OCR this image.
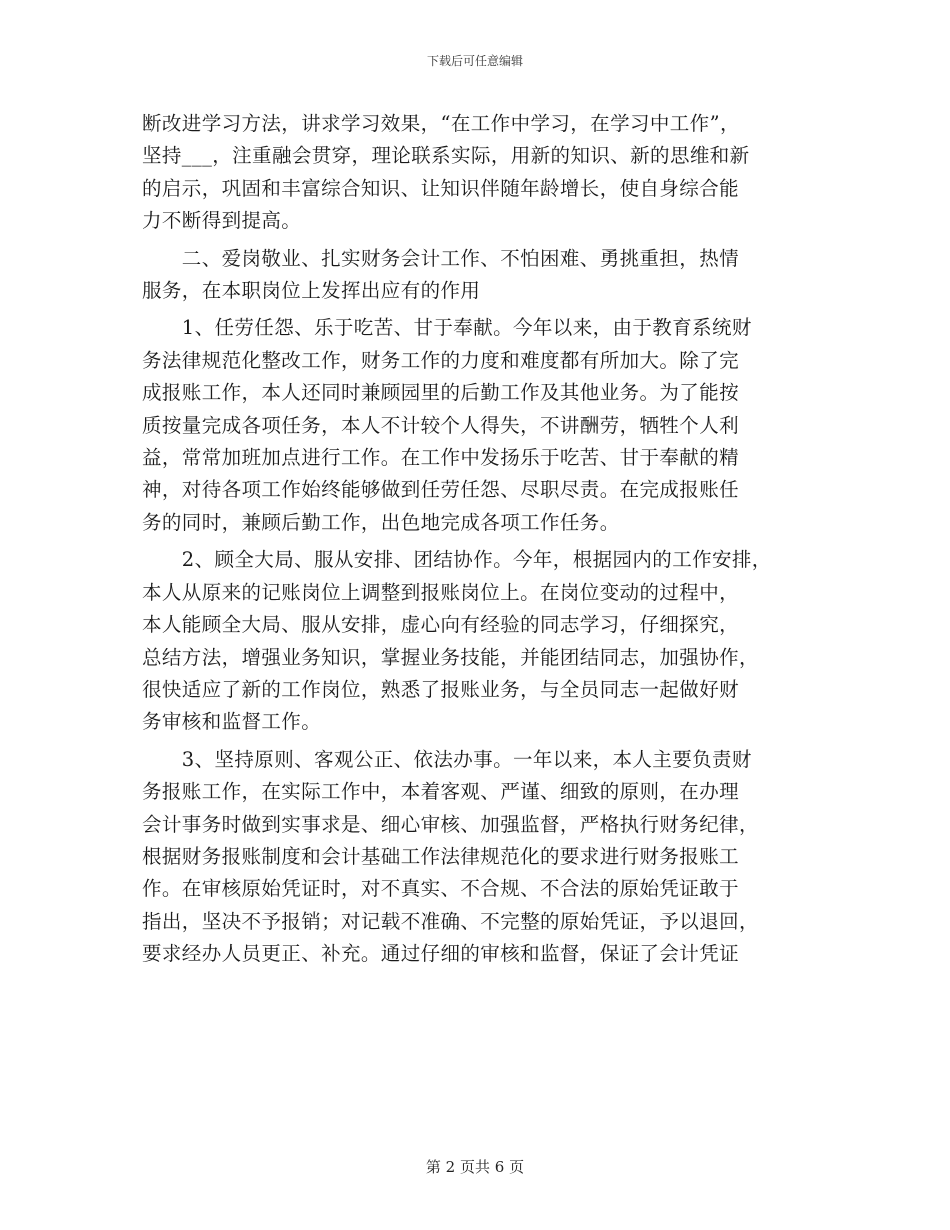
下载后可任意编辑

断改进学习方法，讲求学习效果，“在工作中学习，在学习中工作”，
坚持___，注重融会贯穿，理论联系实际，用新的知识、新的思维和新
的启示，巩固和丰富综合知识、让知识伴随年龄增长，使自身综合能
力不断得到提高。

　　二、爱岗敬业、扎实财务会计工作、不怕困难、勇挑重担，热情
服务，在本职岗位上发挥出应有的作用

　　1、任劳任怨、乐于吃苦、甘于奉献。今年以来，由于教育系统财
务法律规范化整改工作，财务工作的力度和难度都有所加大。除了完
成报账工作，本人还同时兼顾园里的后勤工作及其他业务。为了能按
质按量完成各项任务，本人不计较个人得失，不讲酬劳，牺牲个人利
益，常常加班加点进行工作。在工作中发扬乐于吃苦、甘于奉献的精
神，对待各项工作始终能够做到任劳任怨、尽职尽责。在完成报账任
务的同时，兼顾后勤工作，出色地完成各项工作任务。

　　2、顾全大局、服从安排、团结协作。今年，根据园内的工作安排，
本人从原来的记账岗位上调整到报账岗位上。在岗位变动的过程中，
本人能顾全大局、服从安排，虚心向有经验的同志学习，仔细探究，
总结方法，增强业务知识，掌握业务技能，并能团结同志，加强协作，
很快适应了新的工作岗位，熟悉了报账业务，与全员同志一起做好财
务审核和监督工作。

　　3、坚持原则、客观公正、依法办事。一年以来，本人主要负责财
务报账工作，在实际工作中，本着客观、严谨、细致的原则，在办理
会计事务时做到实事求是、细心审核、加强监督，严格执行财务纪律，
根据财务报账制度和会计基础工作法律规范化的要求进行财务报账工
作。在审核原始凭证时，对不真实、不合规、不合法的原始凭证敢于
指出，坚决不予报销；对记载不准确、不完整的原始凭证，予以退回，
要求经办人员更正、补充。通过仔细的审核和监督，保证了会计凭证

第 2 页共 6 页
